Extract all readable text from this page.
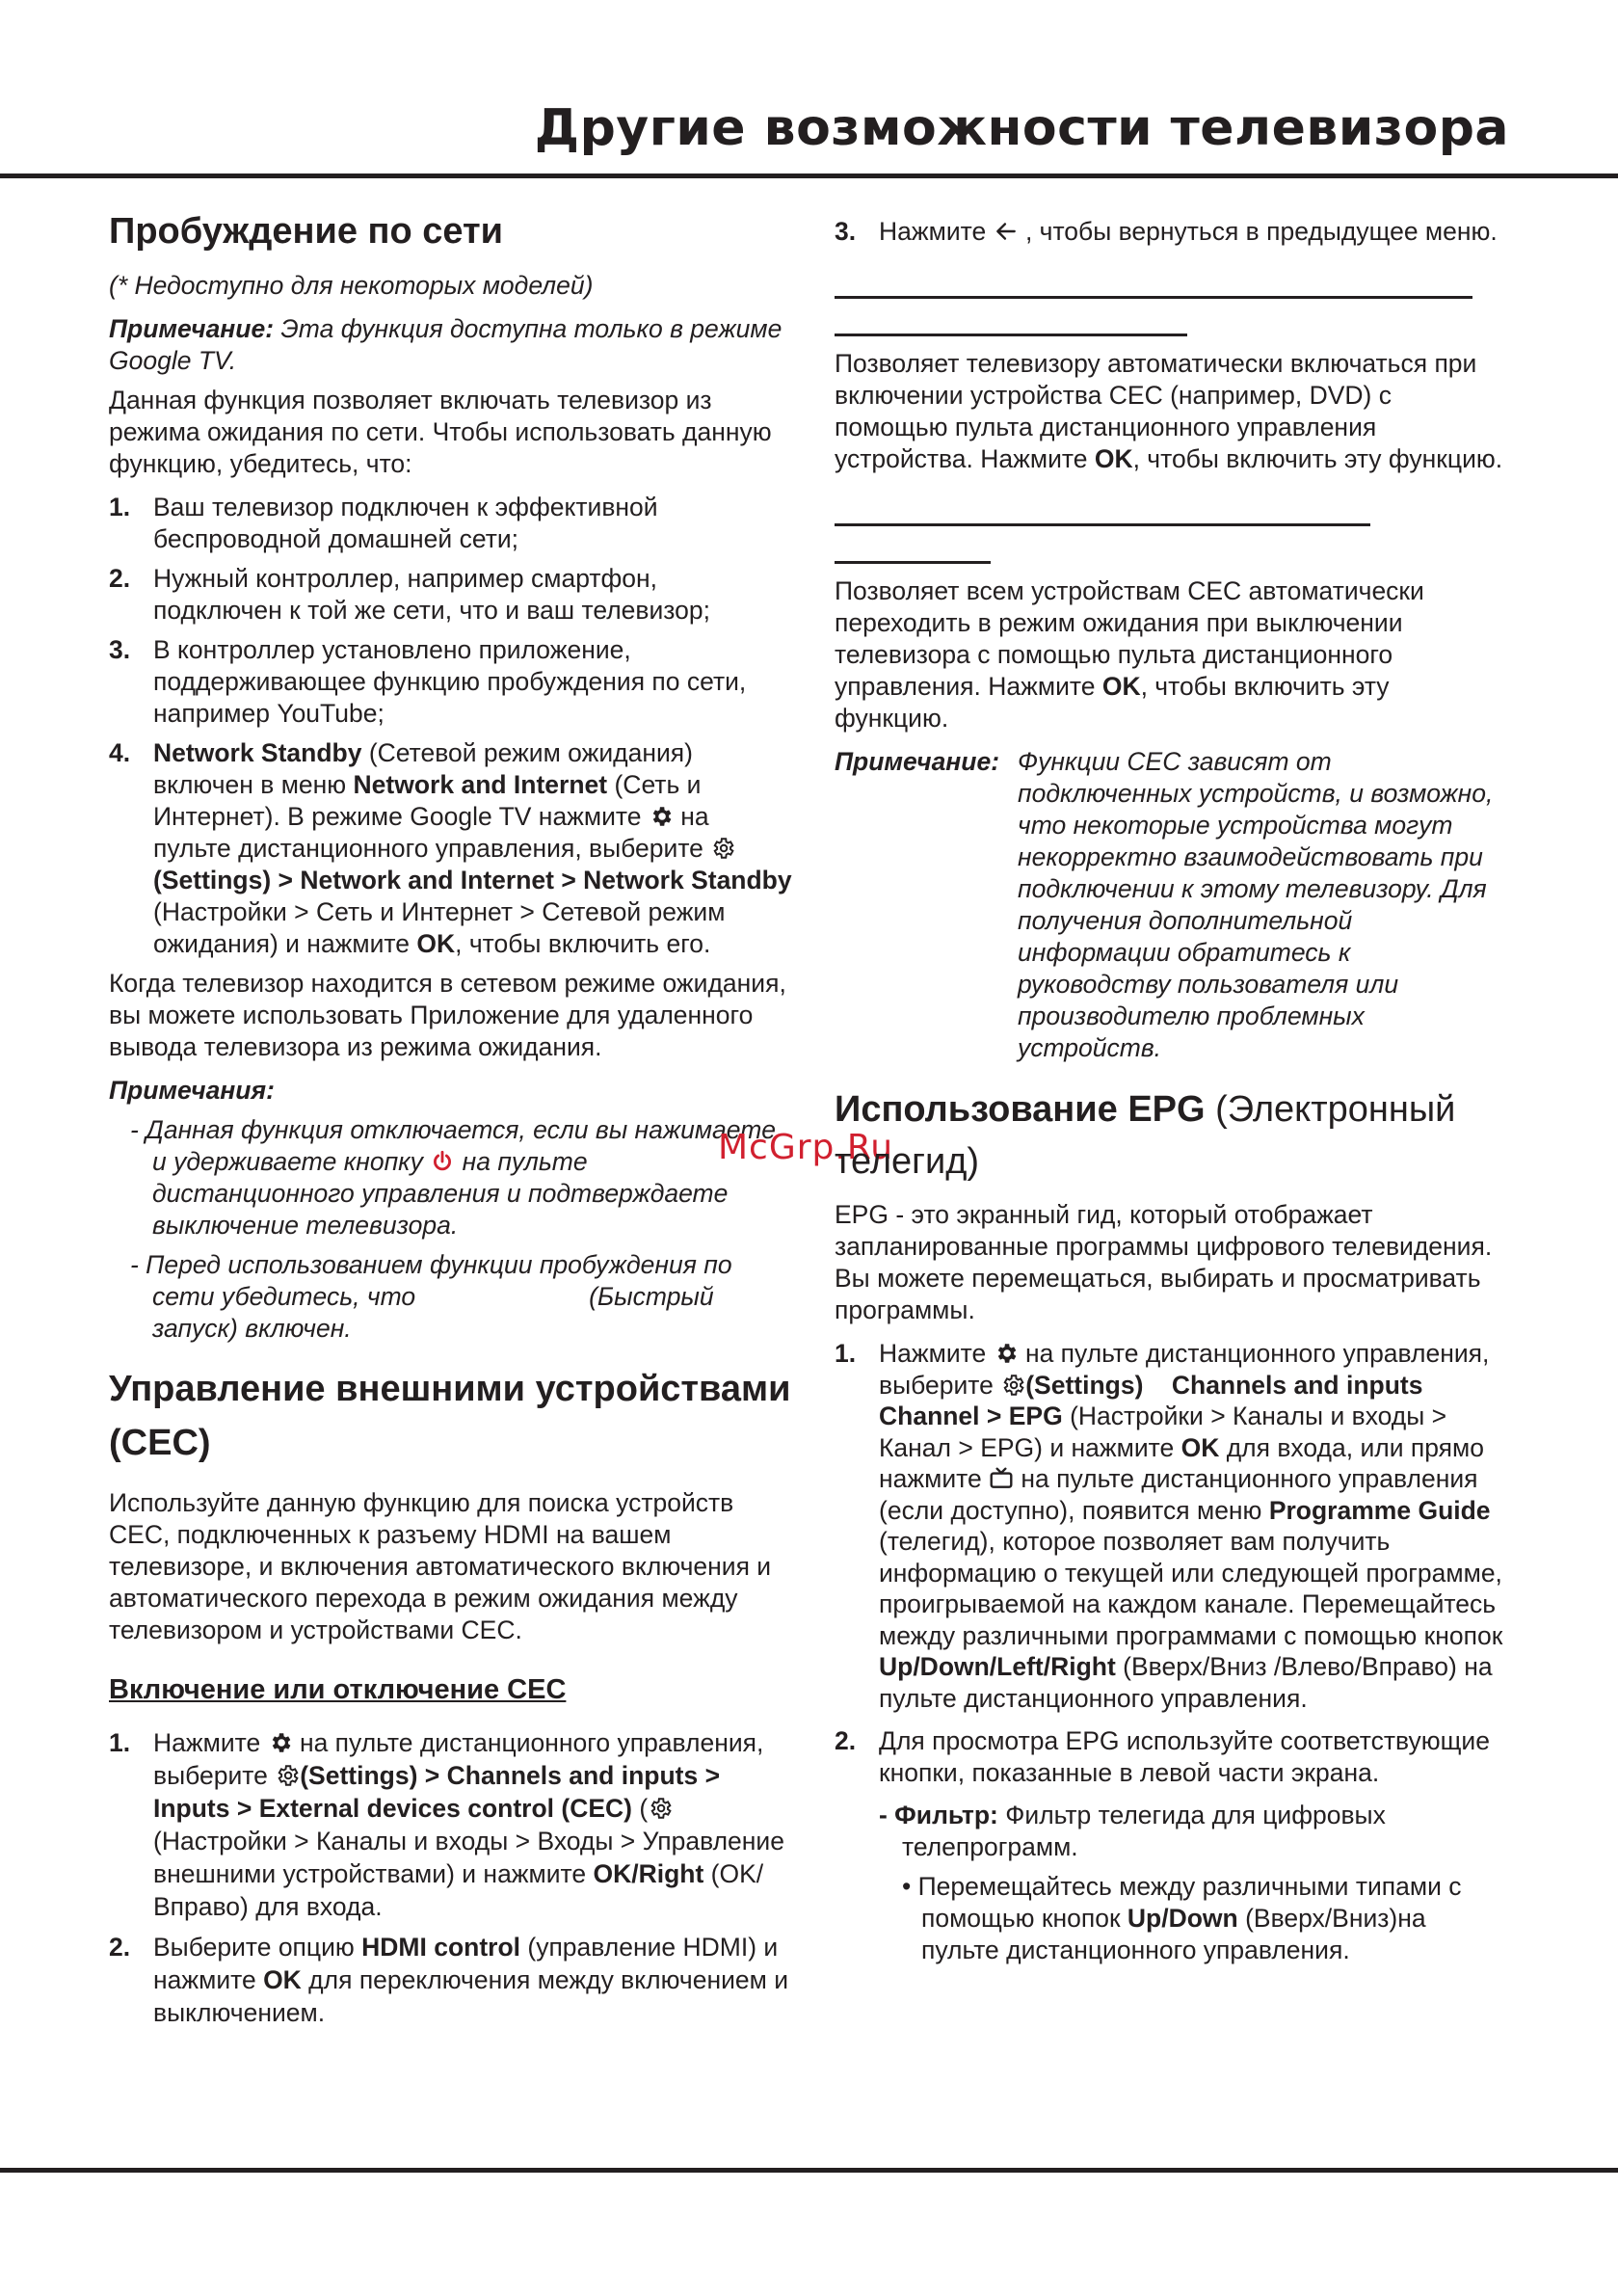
Другие возможности телевизора
Пробуждение по сети

(* Недоступно для некоторых моделей)

Примечание: Эта функция доступна только в режиме Google TV.

Данная функция позволяет включать телевизор из режима ожидания по сети. Чтобы использовать данную функцию, убедитесь, что:

1. Ваш телевизор подключен к эффективной беспроводной домашней сети;
2. Нужный контроллер, например смартфон, подключен к той же сети, что и ваш телевизор;
3. В контроллер установлено приложение, поддерживающее функцию пробуждения по сети, например YouTube;
4. Network Standby (Сетевой режим ожидания) включен в меню Network and Internet (Сеть и Интернет). В режиме Google TV нажмите  на пульте дистанционного управления, выберите (Settings) > Network and Internet > Network Standby (Настройки > Сеть и Интернет > Сетевой режим ожидания) и нажмите OK, чтобы включить его.

Когда телевизор находится в сетевом режиме ожидания, вы можете использовать Приложение для удаленного вывода телевизора из режима ожидания.

Примечания:

- Данная функция отключается, если вы нажимаете и удерживаете кнопку  на пульте дистанционного управления и подтверждаете выключение телевизора.

- Перед использованием функции пробуждения по сети убедитесь, что	(Быстрый запуск) включен.

Управление внешними устройствами (CEC)

Используйте данную функцию для поиска устройств CEC, подключенных к разъему HDMI на вашем телевизоре, и включения автоматического включения и автоматического перехода в режим ожидания между телевизором и устройствами CEC.

Включение или отключение CEC
1. Нажмите  на пульте дистанционного управления, выберите (Settings) > Channels and inputs > Inputs > External devices control (CEC) ((Настройки > Каналы и входы > Входы > Управление внешними устройствами) и нажмите OK/Right (OK/Вправо) для входа.
2. Выберите опцию HDMI control (управление HDMI) и нажмите OK для переключения между включением и выключением.
McGrp.Ru
3. Нажмите  , чтобы вернуться в предыдущее меню.

Позволяет телевизору автоматически включаться при включении устройства CEC (например, DVD) с помощью пульта дистанционного управления устройства. Нажмите OK, чтобы включить эту функцию.

Позволяет всем устройствам CEC автоматически переходить в режим ожидания при выключении телевизора с помощью пульта дистанционного управления. Нажмите OK, чтобы включить эту функцию.

Примечание: Функции CEC зависят от подключенных устройств, и возможно, что некоторые устройства могут некорректно взаимодействовать при подключении к этому телевизору. Для получения дополнительной информации обратитесь к руководству пользователя или производителю проблемных устройств.
Использование EPG (Электронный телегид)

EPG - это экранный гид, который отображает запланированные программы цифрового телевидения. Вы можете перемещаться, выбирать и просматривать программы.

1. Нажмите  на пульте дистанционного управления, выберите (Settings)    Channels and inputs    Channel > EPG (Настройки > Каналы и входы > Канал > EPG) и нажмите OK для входа, или прямо нажмите  на пульте дистанционного управления (если доступно), появится меню Programme Guide (телегид), которое позволяет вам получить информацию о текущей или следующей программе, проигрываемой на каждом канале. Перемещайтесь между различными программами с помощью кнопок Up/Down/Left/Right (Вверх/Вниз /Влево/Вправо) на пульте дистанционного управления.
2. Для просмотра EPG используйте соответствующие кнопки, показанные в левой части экрана.

- Фильтр: Фильтр телегида для цифровых телепрограмм.

• Перемещайтесь между различными типами с помощью кнопок Up/Down (Вверх/Вниз)на пульте дистанционного управления.
